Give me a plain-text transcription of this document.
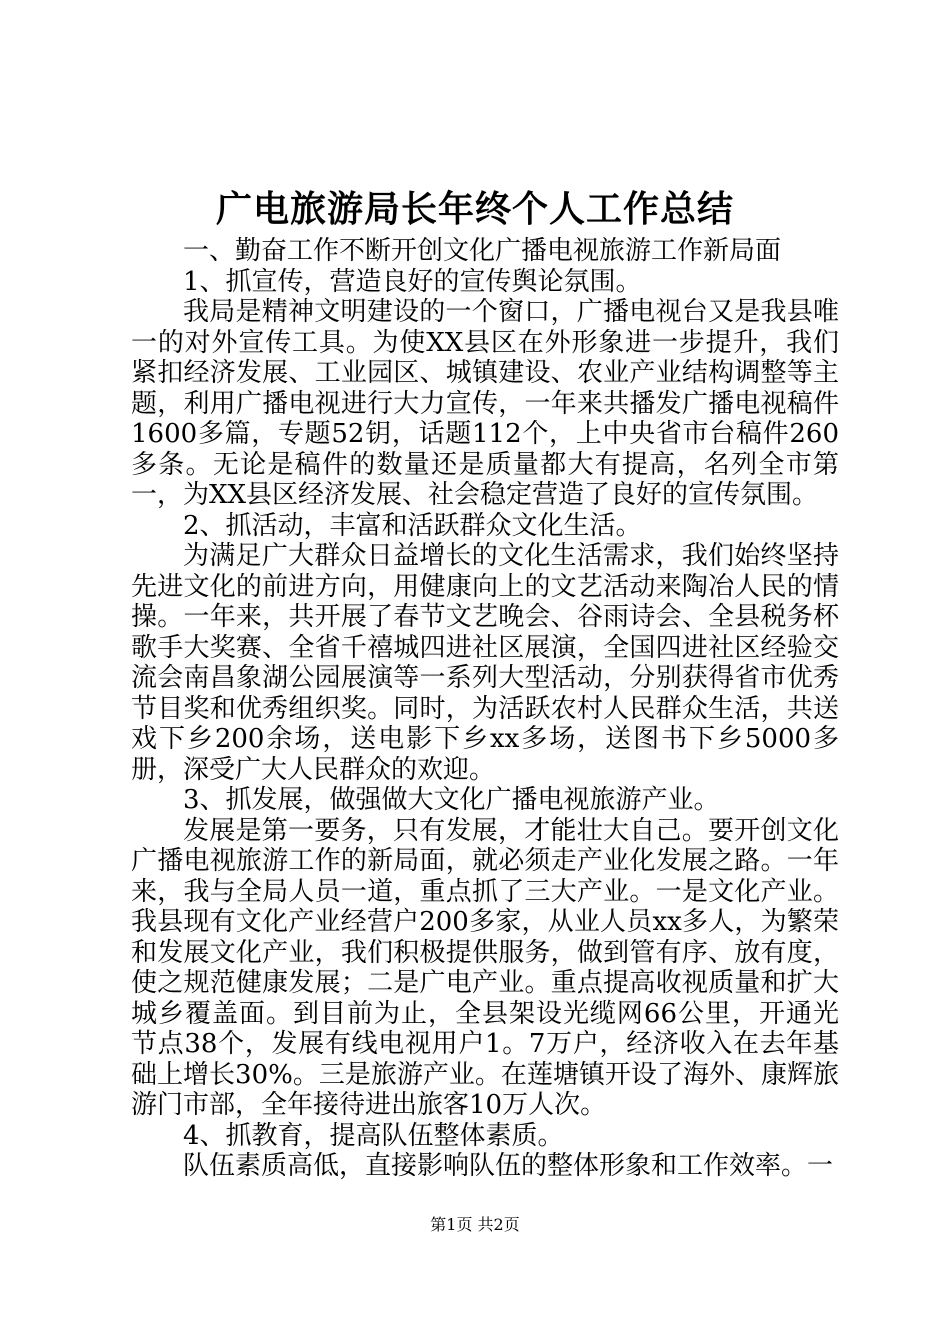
广电旅游局长年终个人工作总结

一、勤奋工作不断开创文化广播电视旅游工作新局面

1、抓宣传，营造良好的宣传舆论氛围。

我局是精神文明建设的一个窗口，广播电视台又是我县唯一的对外宣传工具。为使XX县区在外形象进一步提升，我们紧扣经济发展、工业园区、城镇建设、农业产业结构调整等主题，利用广播电视进行大力宣传，一年来共播发广播电视稿件1600多篇，专题52钥，话题112个，上中央省市台稿件260多条。无论是稿件的数量还是质量都大有提高，名列全市第一，为XX县区经济发展、社会稳定营造了良好的宣传氛围。

2、抓活动，丰富和活跃群众文化生活。

为满足广大群众日益增长的文化生活需求，我们始终坚持先进文化的前进方向，用健康向上的文艺活动来陶冶人民的情操。一年来，共开展了春节文艺晚会、谷雨诗会、全县税务杯歌手大奖赛、全省千禧城四进社区展演，全国四进社区经验交流会南昌象湖公园展演等一系列大型活动，分别获得省市优秀节目奖和优秀组织奖。同时，为活跃农村人民群众生活，共送戏下乡200余场，送电影下乡xx多场，送图书下乡5000多册，深受广大人民群众的欢迎。

3、抓发展，做强做大文化广播电视旅游产业。

发展是第一要务，只有发展，才能壮大自己。要开创文化广播电视旅游工作的新局面，就必须走产业化发展之路。一年来，我与全局人员一道，重点抓了三大产业。一是文化产业。我县现有文化产业经营户200多家，从业人员xx多人，为繁荣和发展文化产业，我们积极提供服务，做到管有序、放有度，使之规范健康发展；二是广电产业。重点提高收视质量和扩大城乡覆盖面。到目前为止，全县架设光缆网66公里，开通光节点38个，发展有线电视用户1。7万户，经济收入在去年基础上增长30%。三是旅游产业。在莲塘镇开设了海外、康辉旅游门市部，全年接待进出旅客10万人次。

4、抓教育，提高队伍整体素质。

队伍素质高低，直接影响队伍的整体形象和工作效率。一

第1页 共2页
